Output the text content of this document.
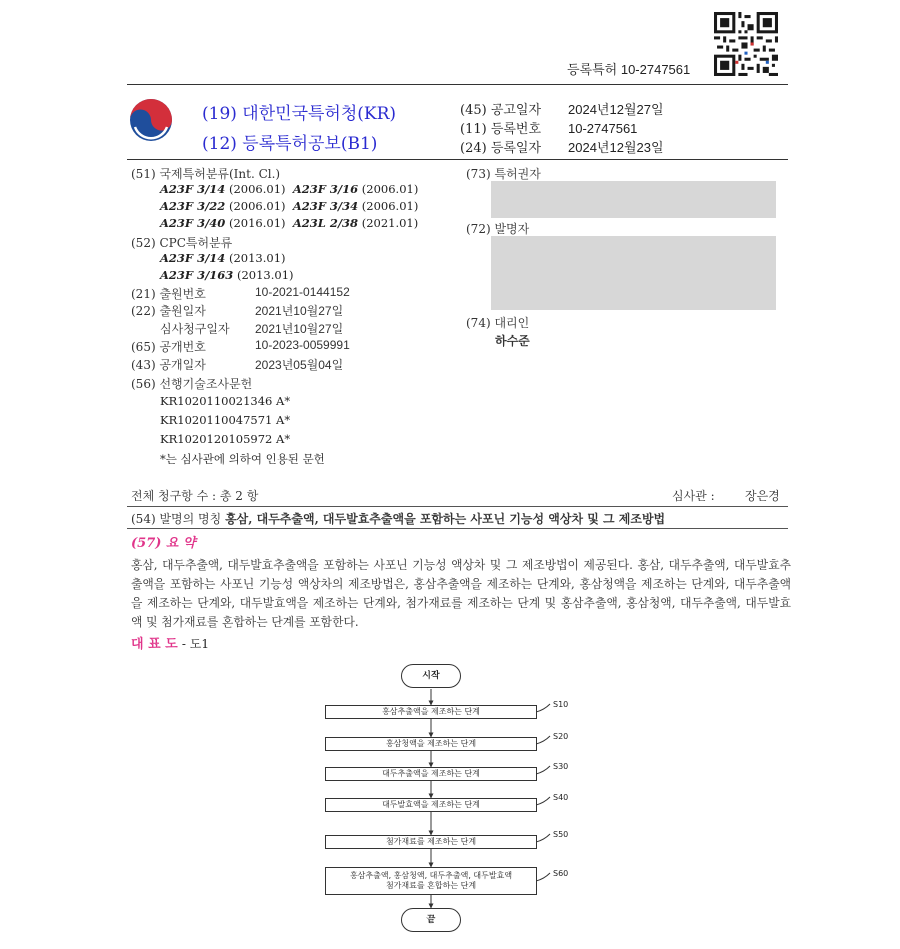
등록특허 10-2747561
(19) 대한민국특허청(KR)
(12) 등록특허공보(B1)
(45) 공고일자 2024년12월27일
(11) 등록번호 10-2747561
(24) 등록일자 2024년12월23일
(51) 국제특허분류(Int. Cl.)
A23F 3/14 (2006.01) A23F 3/16 (2006.01)
A23F 3/22 (2006.01) A23F 3/34 (2006.01)
A23F 3/40 (2016.01) A23L 2/38 (2021.01)
(52) CPC특허분류
A23F 3/14 (2013.01)
A23F 3/163 (2013.01)
(21) 출원번호	10-2021-0144152
(22) 출원일자	2021년10월27일
심사청구일자 2021년10월27일
(65) 공개번호	10-2023-0059991
(43) 공개일자	2023년05월04일
(56) 선행기술조사문헌
KR1020110021346 A*
KR1020110047571 A*
KR1020120105972 A*
*는 심사관에 의하여 인용된 문헌
(73) 특허권자
(72) 발명자
(74) 대리인
하수준
전체 청구항 수 : 총 2 항	심사관 :	장은경
(54) 발명의 명칭 홍삼, 대두추출액, 대두발효추출액을 포함하는 사포닌 기능성 액상차 및 그 제조방법
(57) 요 약
홍삼, 대두추출액, 대두발효추출액을 포함하는 사포닌 기능성 액상차 및 그 제조방법이 제공된다. 홍삼, 대두추출액, 대두발효추출액을 포함하는 사포닌 기능성 액상차의 제조방법은, 홍삼추출액을 제조하는 단계와, 홍삼청액을 제조하는 단계와, 대두추출액을 제조하는 단계와, 대두발효액을 제조하는 단계와, 첨가재료를 제조하는 단계 및 홍삼추출액, 홍삼청액, 대두추출액, 대두발효액 및 첨가재료를 혼합하는 단계를 포함한다.
대 표 도 - 도1
시작
홍삼추출액을 제조하는 단계
홍삼청액을 제조하는 단계
대두추출액을 제조하는 단계
대두발효액을 제조하는 단계
첨가재료를 제조하는 단계
홍삼추출액, 홍삼청액, 대두추출액, 대두발효액
첨가재료를 혼합하는 단계
끝
S10
S20
S30
S40
S50
S60
